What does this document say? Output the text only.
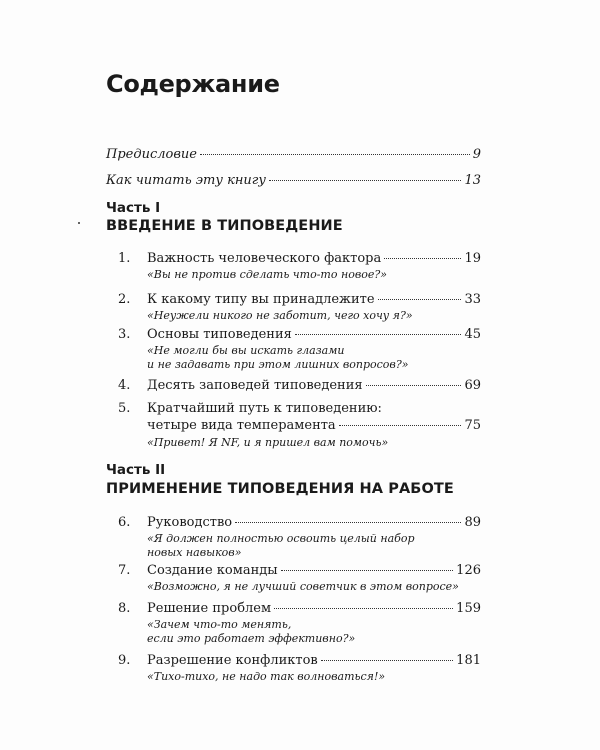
Содержание
Предисловие	9
Как читать эту книгу	13
Часть I
ВВЕДЕНИЕ В ТИПОВЕДЕНИЕ
1. Важность человеческого фактора	19
«Вы не против сделать что-то новое?»
2. К какому типу вы принадлежите	33
«Неужели никого не заботит, чего хочу я?»
3. Основы типоведения	45
«Не могли бы вы искать глазами
и не задавать при этом лишних вопросов?»
4. Десять заповедей типоведения	69
5. Кратчайший путь к типоведению:
четыре вида темперамента	75
«Привет! Я NF, и я пришел вам помочь»
Часть II
ПРИМЕНЕНИЕ ТИПОВЕДЕНИЯ НА РАБОТЕ
6. Руководство	89
«Я должен полностью освоить целый набор
новых навыков»
7. Создание команды	126
«Возможно, я не лучший советчик в этом вопросе»
8. Решение проблем	159
«Зачем что-то менять,
если это работает эффективно?»
9. Разрешение конфликтов	181
«Тихо-тихо, не надо так волноваться!»
